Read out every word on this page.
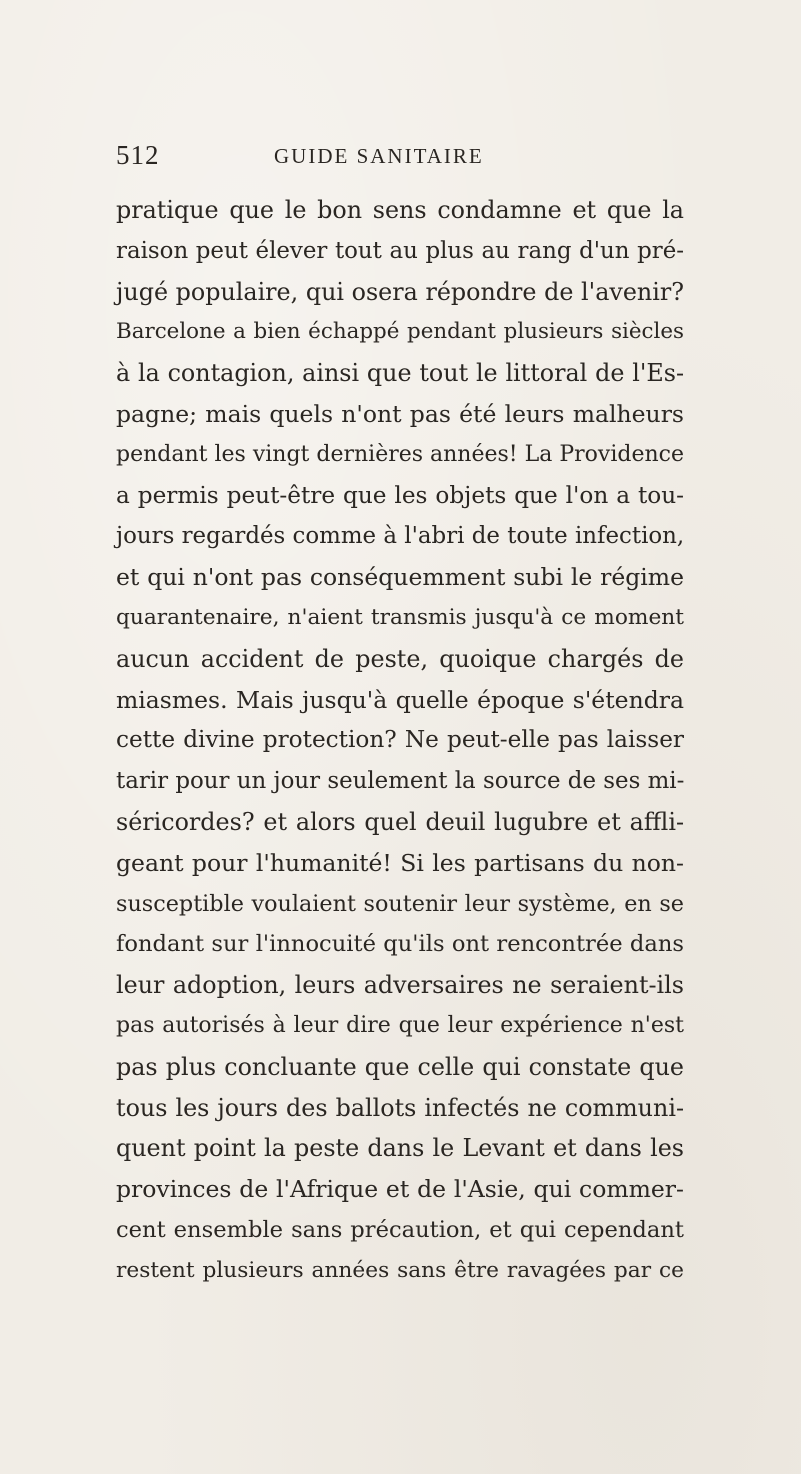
512	GUIDE SANITAIRE
pratique que le bon sens condamne et que la
raison peut élever tout au plus au rang d'un pré-
jugé populaire, qui osera répondre de l'avenir?
Barcelone a bien échappé pendant plusieurs siècles
à la contagion, ainsi que tout le littoral de l'Es-
pagne; mais quels n'ont pas été leurs malheurs
pendant les vingt dernières années! La Providence
a permis peut-être que les objets que l'on a tou-
jours regardés comme à l'abri de toute infection,
et qui n'ont pas conséquemment subi le régime
quarantenaire, n'aient transmis jusqu'à ce moment
aucun accident de peste, quoique chargés de
miasmes. Mais jusqu'à quelle époque s'étendra
cette divine protection? Ne peut-elle pas laisser
tarir pour un jour seulement la source de ses mi-
séricordes? et alors quel deuil lugubre et affli-
geant pour l'humanité! Si les partisans du non-
susceptible voulaient soutenir leur système, en se
fondant sur l'innocuité qu'ils ont rencontrée dans
leur adoption, leurs adversaires ne seraient-ils
pas autorisés à leur dire que leur expérience n'est
pas plus concluante que celle qui constate que
tous les jours des ballots infectés ne communi-
quent point la peste dans le Levant et dans les
provinces de l'Afrique et de l'Asie, qui commer-
cent ensemble sans précaution, et qui cependant
restent plusieurs années sans être ravagées par ce
